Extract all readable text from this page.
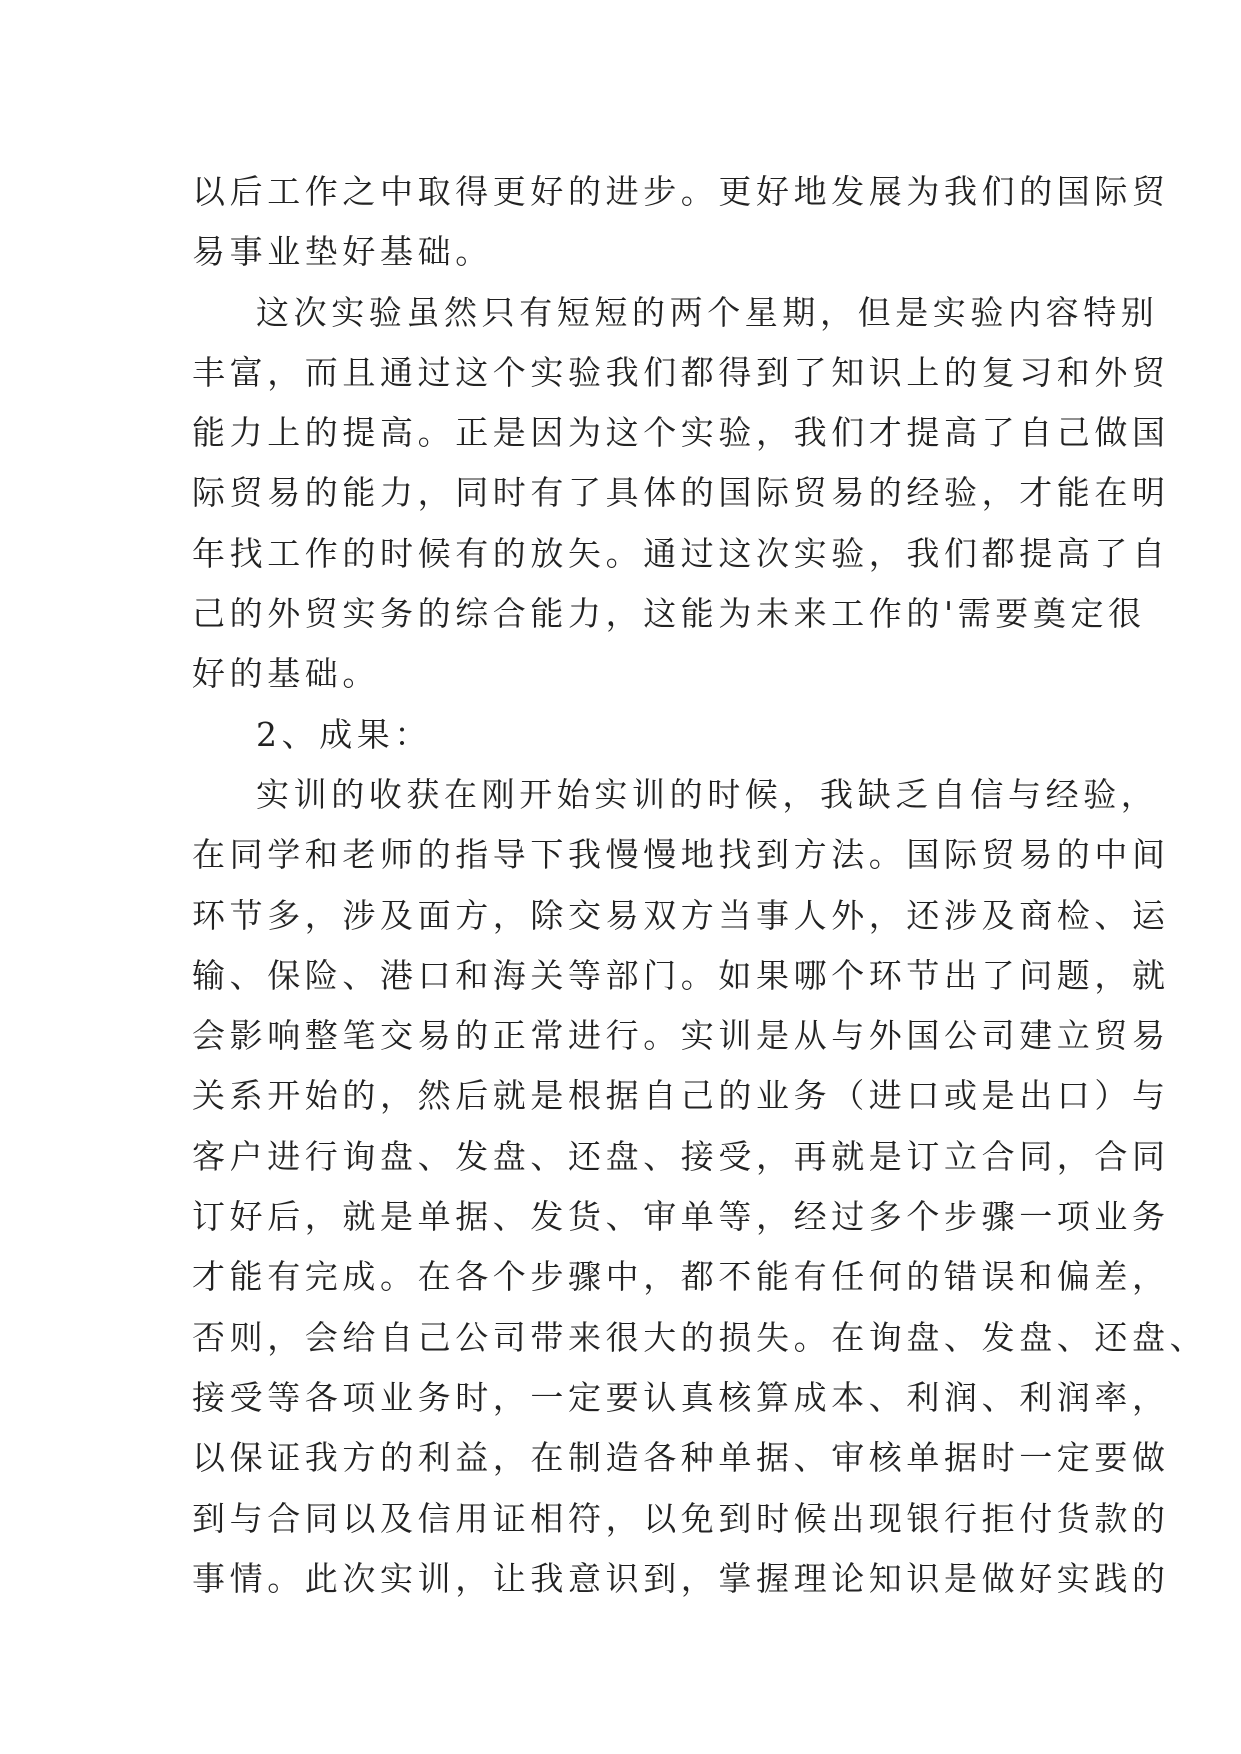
以后工作之中取得更好的进步。更好地发展为我们的国际贸
易事业垫好基础。
这次实验虽然只有短短的两个星期，但是实验内容特别
丰富，而且通过这个实验我们都得到了知识上的复习和外贸
能力上的提高。正是因为这个实验，我们才提高了自己做国
际贸易的能力，同时有了具体的国际贸易的经验，才能在明
年找工作的时候有的放矢。通过这次实验，我们都提高了自
己的外贸实务的综合能力，这能为未来工作的'需要奠定很
好的基础。
2、成果：
实训的收获在刚开始实训的时候，我缺乏自信与经验，
在同学和老师的指导下我慢慢地找到方法。国际贸易的中间
环节多，涉及面方，除交易双方当事人外，还涉及商检、运
输、保险、港口和海关等部门。如果哪个环节出了问题，就
会影响整笔交易的正常进行。实训是从与外国公司建立贸易
关系开始的，然后就是根据自己的业务（进口或是出口）与
客户进行询盘、发盘、还盘、接受，再就是订立合同，合同
订好后，就是单据、发货、审单等，经过多个步骤一项业务
才能有完成。在各个步骤中，都不能有任何的错误和偏差，
否则，会给自己公司带来很大的损失。在询盘、发盘、还盘、
接受等各项业务时，一定要认真核算成本、利润、利润率，
以保证我方的利益，在制造各种单据、审核单据时一定要做
到与合同以及信用证相符，以免到时候出现银行拒付货款的
事情。此次实训，让我意识到，掌握理论知识是做好实践的
